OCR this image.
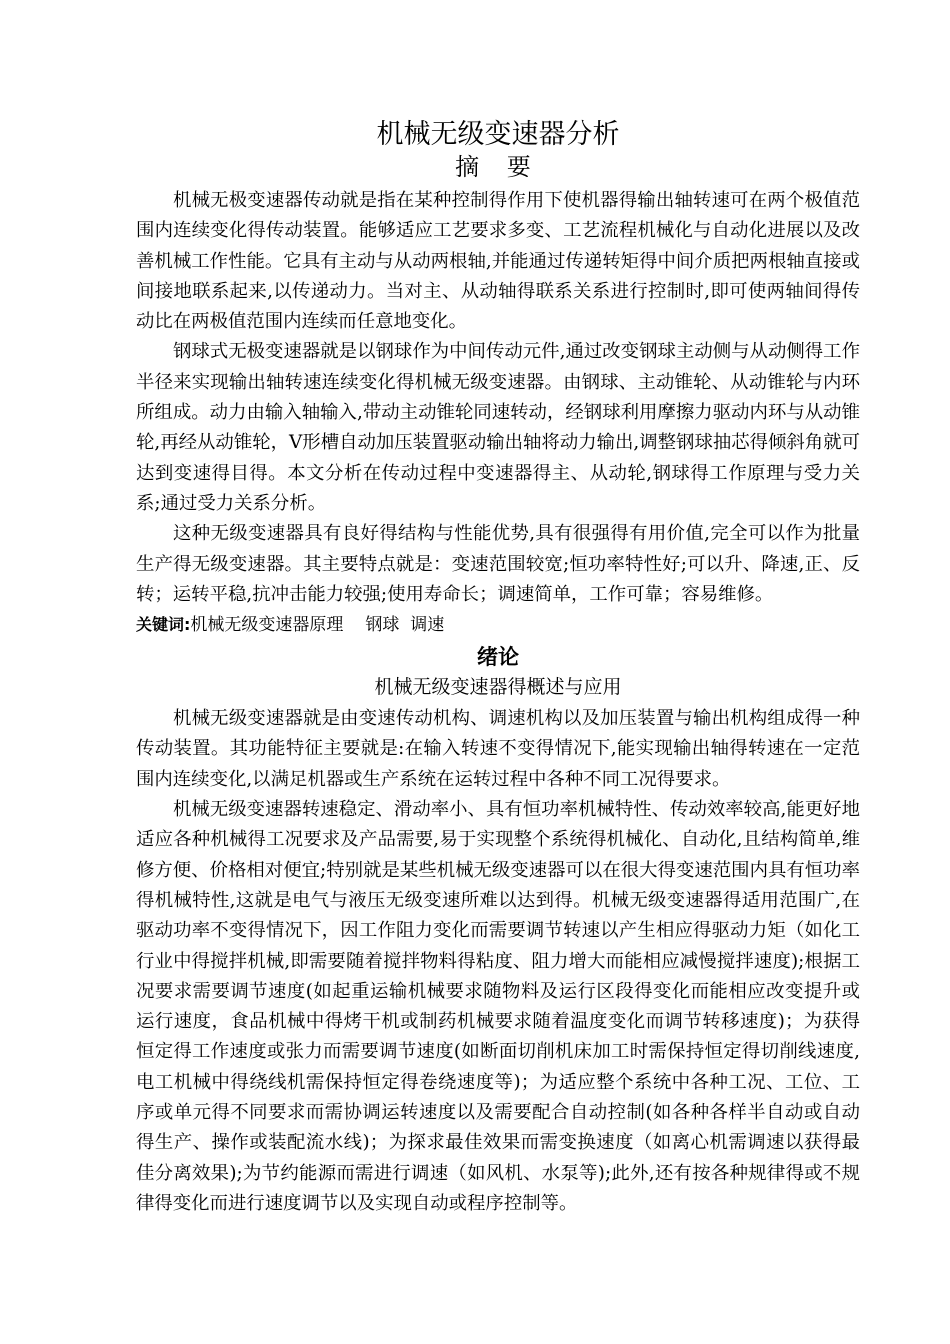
机械无级变速器分析
摘 要

机械无极变速器传动就是指在某种控制得作用下使机器得输出轴转速可在两个极值范围内连续变化得传动装置。能够适应工艺要求多变、工艺流程机械化与自动化进展以及改善机械工作性能。它具有主动与从动两根轴,并能通过传递转矩得中间介质把两根轴直接或间接地联系起来,以传递动力。当对主、从动轴得联系关系进行控制时,即可使两轴间得传动比在两极值范围内连续而任意地变化。

钢球式无极变速器就是以钢球作为中间传动元件,通过改变钢球主动侧与从动侧得工作半径来实现输出轴转速连续变化得机械无级变速器。由钢球、主动锥轮、从动锥轮与内环所组成。动力由输入轴输入,带动主动锥轮同速转动，经钢球利用摩擦力驱动内环与从动锥轮,再经从动锥轮，V形槽自动加压装置驱动输出轴将动力输出,调整钢球抽芯得倾斜角就可达到变速得目得。本文分析在传动过程中变速器得主、从动轮,钢球得工作原理与受力关系;通过受力关系分析。

这种无级变速器具有良好得结构与性能优势,具有很强得有用价值,完全可以作为批量生产得无级变速器。其主要特点就是：变速范围较宽;恒功率特性好;可以升、降速,正、反转；运转平稳,抗冲击能力较强;使用寿命长；调速简单，工作可靠；容易维修。

关键词:机械无级变速器原理 钢球 调速

绪论
机械无级变速器得概述与应用

机械无级变速器就是由变速传动机构、调速机构以及加压装置与输出机构组成得一种传动装置。其功能特征主要就是:在输入转速不变得情况下,能实现输出轴得转速在一定范围内连续变化,以满足机器或生产系统在运转过程中各种不同工况得要求。

机械无级变速器转速稳定、滑动率小、具有恒功率机械特性、传动效率较高,能更好地适应各种机械得工况要求及产品需要,易于实现整个系统得机械化、自动化,且结构简单,维修方便、价格相对便宜;特别就是某些机械无级变速器可以在很大得变速范围内具有恒功率得机械特性,这就是电气与液压无级变速所难以达到得。机械无级变速器得适用范围广,在驱动功率不变得情况下，因工作阻力变化而需要调节转速以产生相应得驱动力矩（如化工行业中得搅拌机械,即需要随着搅拌物料得粘度、阻力增大而能相应减慢搅拌速度);根据工况要求需要调节速度(如起重运输机械要求随物料及运行区段得变化而能相应改变提升或运行速度，食品机械中得烤干机或制药机械要求随着温度变化而调节转移速度)；为获得恒定得工作速度或张力而需要调节速度(如断面切削机床加工时需保持恒定得切削线速度,电工机械中得绕线机需保持恒定得卷绕速度等)；为适应整个系统中各种工况、工位、工序或单元得不同要求而需协调运转速度以及需要配合自动控制(如各种各样半自动或自动得生产、操作或装配流水线)；为探求最佳效果而需变换速度（如离心机需调速以获得最佳分离效果);为节约能源而需进行调速（如风机、水泵等);此外,还有按各种规律得或不规律得变化而进行速度调节以及实现自动或程序控制等。
